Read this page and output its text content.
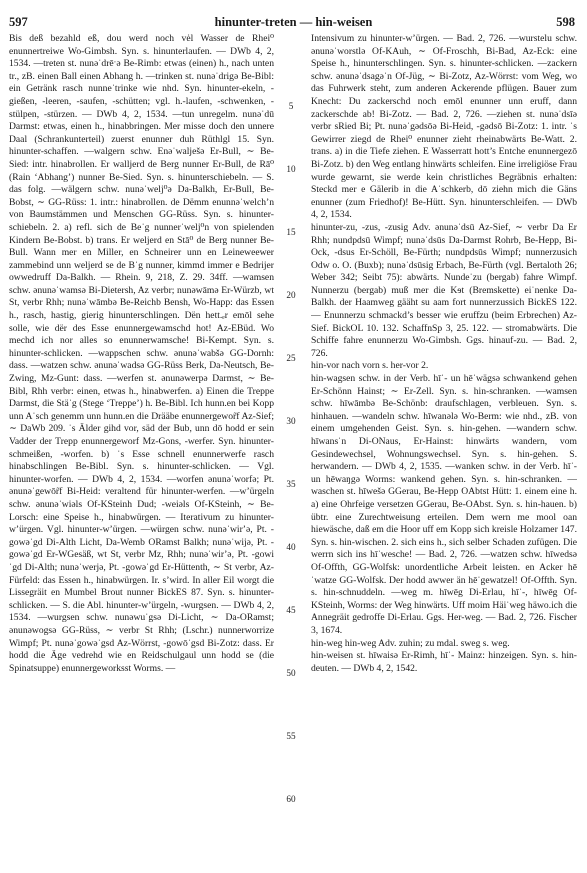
597	hinunter-treten — hin-weisen	598

Bis deß bezahld eß, dou werd noch vėl Wasser de Rhei⁰ enunnertreiwe Wo-Gimbsh. Syn. s. hinunterlaufen. — DWb 4, 2, 1534. —treten st. nunəˈdrēˑə Be-Rimb: etwas (einen) h., nach unten tr., zB. einen Ball einen Abhang h. —trinken st. nunəˈdrigə Be-Bibl: ein Getränk rasch nunneˈtrinke wie nhd. Syn. hinunter-ekeln, -gießen, -leeren, -saufen, -schütten; vgl. h.-laufen, -schwenken, -stülpen, -stürzen. — DWb 4, 2, 1534. —tun unregelm. nunəˈdū Darmst: etwas, einen h., hinabbringen. Mer misse doch den unnere Daal (Schrankunterteil) zuerst enunner duh Rüthlgl 15. Syn. hinunter-schaffen. —walgern schw. Enəˈwalješə Er-Bull, ∼ Be-Sied: intr. hinabrollen. Er walljerd de Berg nunner Er-Bull, de Rā⁰ (Rain ‘Abhang’) nunner Be-Sied. Syn. s. hinunterschiebeln. — S. das folg. —wälgern schw. nunəˈwelj⁰ə Da-Balkh, Er-Bull, Be-Bobst, ∼ GG-Rüss: 1. intr.: hinabrollen. de Dëmm enunnəˈwelchʼn von Baumstämmen und Menschen GG-Rüss. Syn. s. hinunter-schiebeln. 2. a) refl. sich de Beˈg nunnerˈwelj⁰n von spielenden Kindern Be-Bobst. b) trans. Er weljerd en Stā⁰ de Berg nunner Be-Bull. Wann mer en Miller, en Schneirer unn en Leineweewer zammebind unn weljerd se de Bˈg nunner, kimmd immer e Bedrijer owwedruff Da-Balkh. — Rhein. 9, 218, Z. 29. 34ff. —wamsen schw. ənunəˈwamsə Bi-Dietersh, Az verbr; nunəwāmə Er-Würzb, wt St, verbr Rhh; nunəˈwāmbə Be-Reichb Bensh, Wo-Happ: das Essen h., rasch, hastig, gierig hinunterschlingen. Dën hett.ₑr emōl sehe solle, wie dër des Esse enunnergewamschd hot! Az-EBüd. Wo mechd ich nor alles so enunnerwamsche! Bi-Kempt. Syn. s. hinunter-schlicken. —wappschen schw. ənunəˈwabšə GG-Dornh: dass. —watzen schw. ənunəˈwadsə GG-Rüss Berk, Da-Neutsch, Be-Zwing, Mz-Gunt: dass. —werfen st. ənunəwerpə Darmst, ∼ Be-Bibl, Rhh verbr: einen, etwas h., hinabwerfen. a) Einen die Treppe Darmst, die Stäˈg (Stege ‘Treppe’) h. Be-Bibl. Ich hunn.en bei Kopp unn Aˈsch genemm unn hunn.en die Drääbe enunnergewor̃f Az-Sief; ∼ DaWb 209. ˈs Älder gihd vor, säd der Bub, unn dō hodd er sein Vadder der Trepp enunnergeworf Mz-Gons, -werfer. Syn. hinunter-schmeißen, -worfen. b) ˈs Esse schnell enunnerwerfe rasch hinabschlingen Be-Bibl. Syn. s. hinunter-schlicken. — Vgl. hinunter-worfen. — DWb 4, 2, 1534. —worfen ənunəˈworfə; Pt. ənunəˈgewōr̃f Bi-Heid: veraltend für hinunter-werfen. —wʼürgeln schw. ənunəˈwiəls Of-KSteinh Dud; -weiəls Of-KSteinh, ∼ Be-Lorsch: eine Speise h., hinabwürgen. — Iterativum zu hinunter-wʼürgen. Vgl. hinunter-wʼürgen. —würgen schw. nunəˈwirʼə, Pt. -gowəˈgd Di-Alth Licht, Da-Wemb ORamst Balkh; nunəˈwijə, Pt. -gowəˈgd Er-WGesäß, wt St, verbr Mz, Rhh; nunəˈwirʼə, Pt. -gowiˈgd Di-Alth; nunəˈwerjə, Pt. -gowəˈgd Er-Hüttenth, ∼ St verbr, Az-Fürfeld: das Essen h., hinabwürgen. Ir. sʼwird. In aller Eil worgt die Lissegräit en Mumbel Brout nunner BickES 87. Syn. s. hinunter-schlicken. — S. die Abl. hinunter-wʼürgeln, -wurgsen. — DWb 4, 2, 1534. —wurgsen schw. nunəwuˈgsə Di-Licht, ∼ Da-ORamst; ənunəwogsə GG-Rüss, ∼ verbr St Rhh; (Lschr.) nunnerworrize Wimpf; Pt. nunəˈgowəˈgsd Az-Wörrst, -gowōˈgsd Bi-Zotz: dass. Er hodd die Äge vedrehd wie en Reidschulgaul unn hodd se (die Spinatsuppe) enunnergeworksst Worms. —

5
10
15
20
25
30
35
40
45
50
55
60

Intensivum zu hinunter-wʼürgen. — Bad. 2, 726. —wurstelu schw. ənunəˈworstlə Of-KAuh, ∼ Of-Froschh, Bi-Bad, Az-Eck: eine Speise h., hinunterschlingen. Syn. s. hinunter-schlicken. —zackern schw. ənunəˈdsagəˈn Of-Jüg, ∼ Bi-Zotz, Az-Wörrst: vom Weg, wo das Fuhrwerk steht, zum anderen Ackerende pflügen. Bauer zum Knecht: Du zackerschd noch emōl enunner unn eruff, dann zackerschde ab! Bi-Zotz. — Bad. 2, 726. —ziehen st. nunəˈdsīə verbr sRied Bi; Pt. nunəˈgədsōə Bi-Heid, -gədsō Bi-Zotz: 1. intr. ˈs Gewirrer ziegd de Rhei⁰ enunner zieht rheinabwärts Be-Watt. 2. trans. a) in die Tiefe ziehen. E Wasserratt hott’s Entche enunnergezō Bi-Zotz. b) den Weg entlang hinwärts schleifen. Eine irreligiöse Frau wurde gewarnt, sie werde kein christliches Begräbnis erhalten: Steckd mer e Gälerib in die Aˈschkerb, dō ziehn mich die Gäns enunner (zum Friedhof)! Be-Hütt. Syn. hinunterschleifen. — DWb 4, 2, 1534.

hinunter-zu, -zus, -zusig Adv. ənunəˈdsū Az-Sief, ∼ verbr Da Er Rhh; nundpdsū Wimpf; nunəˈdsūs Da-Darmst Rohrb, Be-Hepp, Bi-Ock, -dsus Er-Schöll, Be-Fürth; nundpdsūs Wimpf; nunnerzusich Odw o. O. (Buxb); nunəˈdsūsig Erbach, Be-Fürth (vgl. Bertaloth 26; Weber 342; Seibt 75): abwärts. Nundeˈzu (bergab) fahre Wimpf. Nunnerzu (bergab) muß mer die Kɘt (Bremskette) eiˈnenke Da-Balkh. der Haamweg gääht su aam fort nunnerzussich BickES 122. — Enunnerzu schmackd’s besser wie eruffzu (beim Erbrechen) Az-Sief. BickOL 10. 132. SchaffnSp 3, 25. 122. — stromabwärts. Die Schiffe fahre enunnerzu Wo-Gimbsh. Ggs. hinauf-zu. — Bad. 2, 726.

hin-vor nach vorn s. her-vor 2.

hin-wagsen schw. in der Verb. hīˈ- un hēˈwägsə schwankend gehen Er-Schönn Hainst; ∼ Er-Zell. Syn. s. hin-schranken. —wamsen schw. hīwāmbə Be-Schönb: draufschlagen, verbleuen. Syn. s. hinhauen. —wandeln schw. hīwanələ Wo-Berm: wie nhd., zB. von einem umgehenden Geist. Syn. s. hin-gehen. —wandern schw. hīwansˈn Di-ONaus, Er-Hainst: hinwärts wandern, vom Gesindewechsel, Wohnungswechsel. Syn. s. hin-gehen. S. herwandern. — DWb 4, 2, 1535. —wanken schw. in der Verb. hīˈ- un hēwaŋgə Worms: wankend gehen. Syn. s. hin-schranken. —waschen st. hīwešə GGerau, Be-Hepp OAbtst Hütt: 1. einem eine h. a) eine Ohrfeige versetzen GGerau, Be-OAbst. Syn. s. hin-hauen. b) übtr. eine Zurechtweisung erteilen. Dem wern me mool oan hiewäsche, daß em die Hoor uff em Kopp sich kreisle Holzamer 147. Syn. s. hin-wischen. 2. sich eins h., sich selber Schaden zufügen. Die werrn sich ins hīˈwesche! — Bad. 2, 726. —watzen schw. hīwedsə Of-Offth, GG-Wolfsk: unordentliche Arbeit leisten. en Acker hēˈwatze GG-Wolfsk. Der hodd awwer än hēˈgewatzel! Of-Offth. Syn. s. hin-schnuddeln. —weg m. hīwēg Di-Erlau, hīˈ-, hīwēg Of-KSteinh, Worms: der Weg hinwärts. Uff moim Häiˈweg häwo.ich die Annegräit gedroffe Di-Erlau. Ggs. Her-weg. — Bad. 2, 726. Fischer 3, 1674.

hin-weg hin-weg Adv. zuhin; zu mdal. sweg s. weg.

hin-weisen st. hīwaisə Er-Rimh, hīˈ- Mainz: hinzeigen. Syn. s. hin-deuten. — DWb 4, 2, 1542.
